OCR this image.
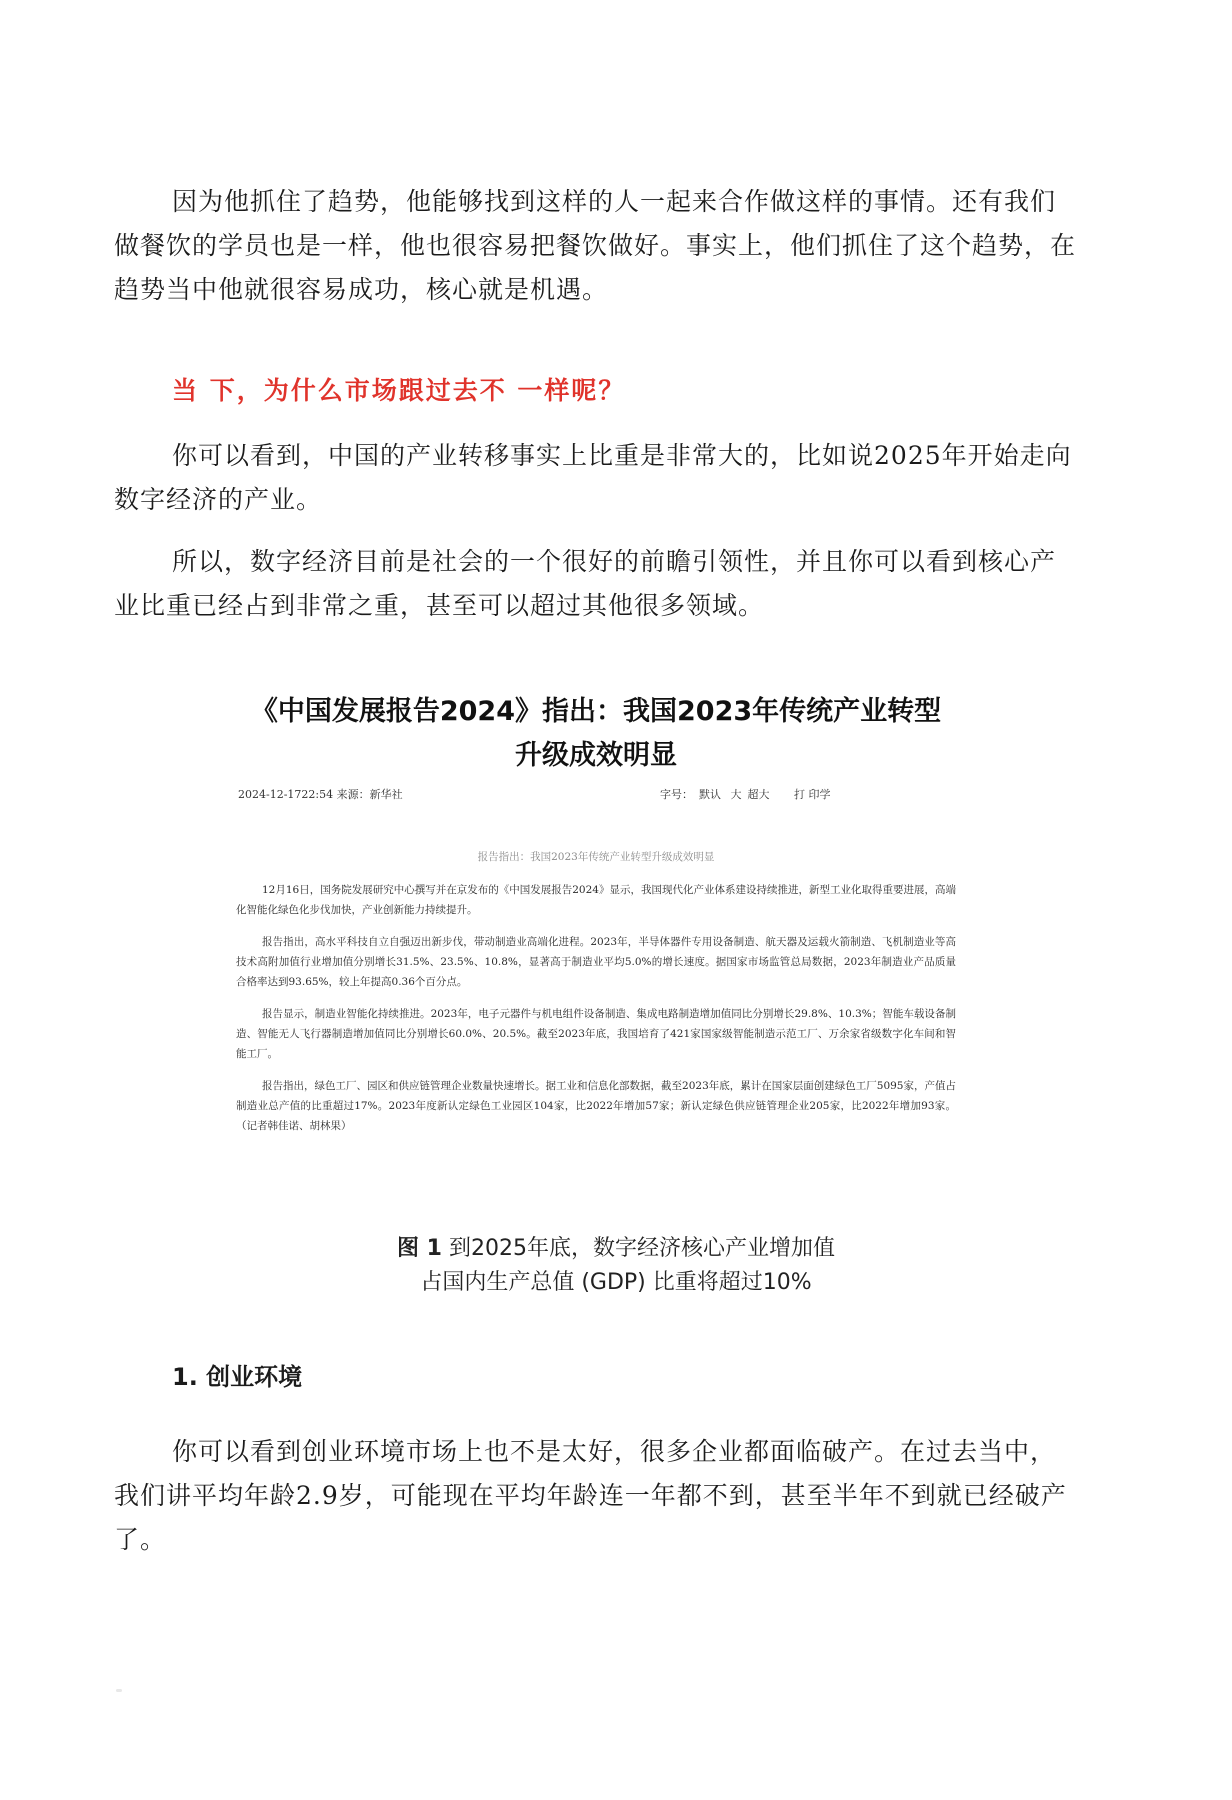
因为他抓住了趋势，他能够找到这样的人一起来合作做这样的事情。还有我们做餐饮的学员也是一样，他也很容易把餐饮做好。事实上，他们抓住了这个趋势，在趋势当中他就很容易成功，核心就是机遇。

当 下，为什么市场跟过去不 一样呢？

你可以看到，中国的产业转移事实上比重是非常大的，比如说2025年开始走向数字经济的产业。

所以，数字经济目前是社会的一个很好的前瞻引领性，并且你可以看到核心产业比重已经占到非常之重，甚至可以超过其他很多领域。

《中国发展报告2024》指出：我国2023年传统产业转型
升级成效明显
2024-12-1722:54 来源：新华社	字号： 默认 大 超大	打 印学
报告指出：我国2023年传统产业转型升级成效明显

12月16日，国务院发展研究中心撰写并在京发布的《中国发展报告2024》显示，我国现代化产业体系建设持续推进，新型工业化取得重要进展，高端化智能化绿色化步伐加快，产业创新能力持续提升。

报告指出，高水平科技自立自强迈出新步伐，带动制造业高端化进程。2023年，半导体器件专用设备制造、航天器及运载火箭制造、飞机制造业等高技术高附加值行业增加值分别增长31.5%、23.5%、10.8%，显著高于制造业平均5.0%的增长速度。据国家市场监管总局数据，2023年制造业产品质量合格率达到93.65%，较上年提高0.36个百分点。

报告显示，制造业智能化持续推进。2023年，电子元器件与机电组件设备制造、集成电路制造增加值同比分别增长29.8%、10.3%；智能车载设备制造、智能无人飞行器制造增加值同比分别增长60.0%、20.5%。截至2023年底，我国培育了421家国家级智能制造示范工厂、万余家省级数字化车间和智能工厂。

报告指出，绿色工厂、园区和供应链管理企业数量快速增长。据工业和信息化部数据，截至2023年底，累计在国家层面创建绿色工厂5095家，产值占制造业总产值的比重超过17%。2023年度新认定绿色工业园区104家，比2022年增加57家；新认定绿色供应链管理企业205家，比2022年增加93家。（记者韩佳诺、胡林果）

图 1 到2025年底，数字经济核心产业增加值
占国内生产总值 (GDP) 比重将超过10%
1. 创业环境

你可以看到创业环境市场上也不是太好，很多企业都面临破产。在过去当中，我们讲平均年龄2.9岁，可能现在平均年龄连一年都不到，甚至半年不到就已经破产了。
